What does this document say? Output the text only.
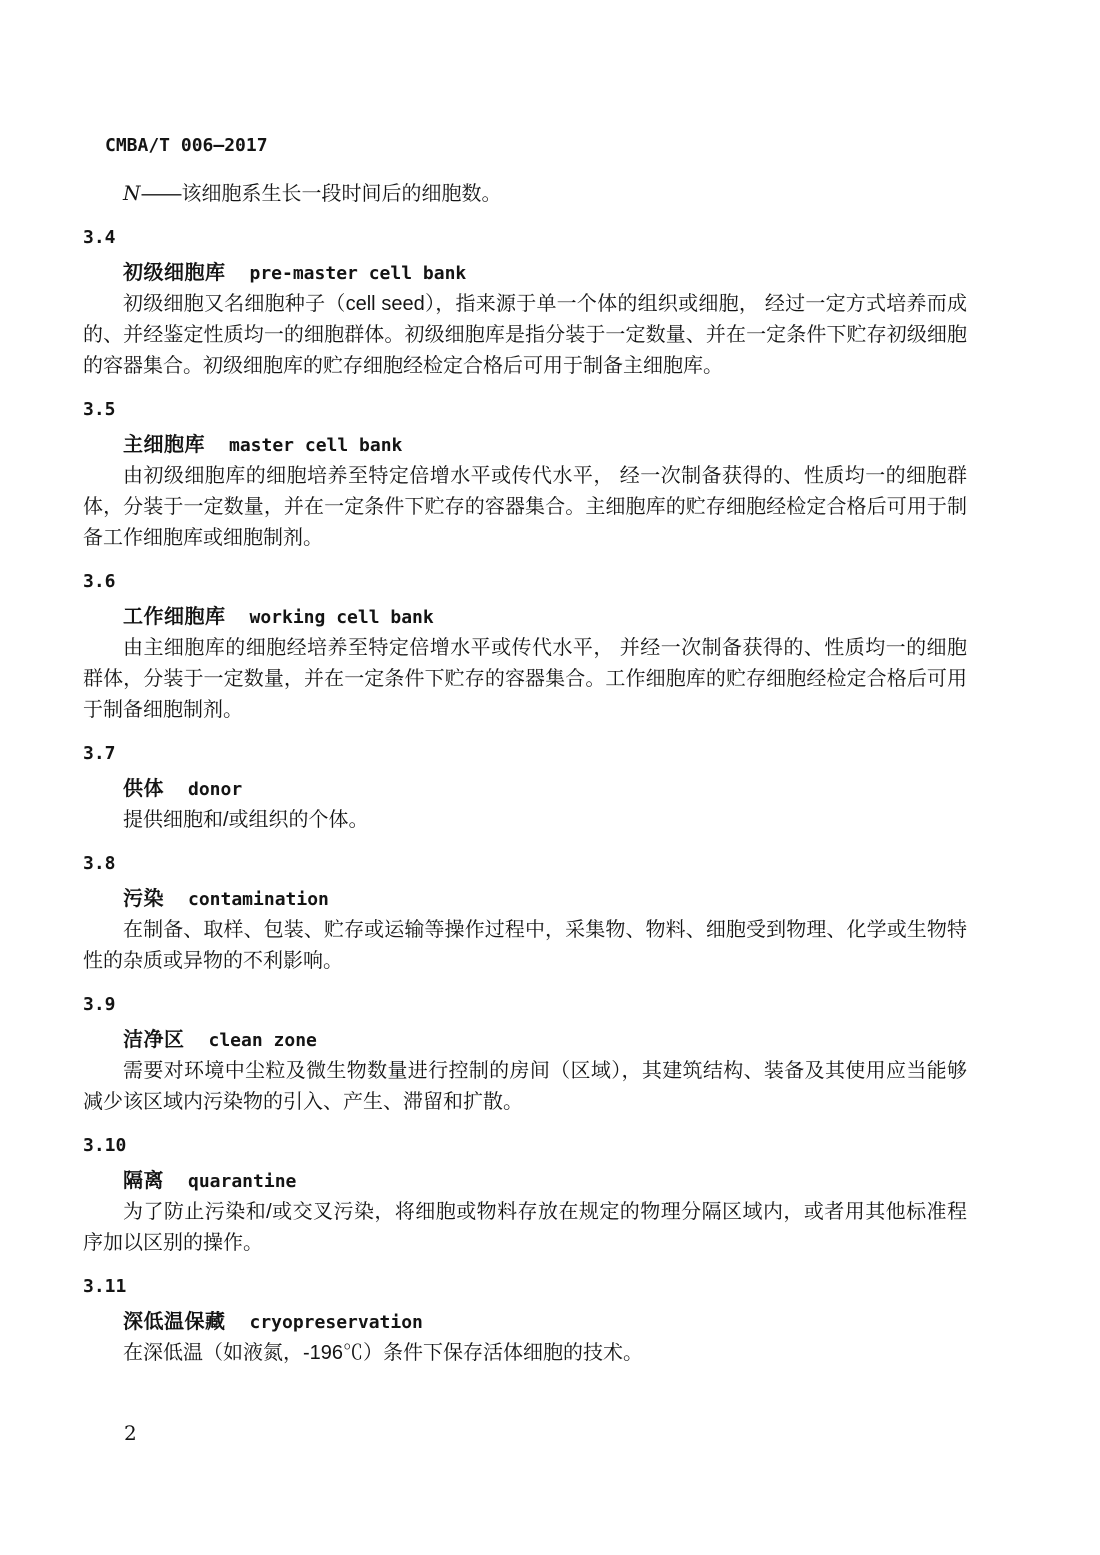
CMBA/T 006—2017
N——该细胞系生长一段时间后的细胞数。
3.4
初级细胞库 pre-master cell bank

初级细胞又名细胞种子（cell seed），指来源于单一个体的组织或细胞， 经过一定方式培养而成的、并经鉴定性质均一的细胞群体。初级细胞库是指分装于一定数量、并在一定条件下贮存初级细胞的容器集合。初级细胞库的贮存细胞经检定合格后可用于制备主细胞库。

3.5
主细胞库 master cell bank

由初级细胞库的细胞培养至特定倍增水平或传代水平， 经一次制备获得的、性质均一的细胞群体，分装于一定数量，并在一定条件下贮存的容器集合。主细胞库的贮存细胞经检定合格后可用于制备工作细胞库或细胞制剂。

3.6
工作细胞库 working cell bank

由主细胞库的细胞经培养至特定倍增水平或传代水平， 并经一次制备获得的、性质均一的细胞群体，分装于一定数量，并在一定条件下贮存的容器集合。工作细胞库的贮存细胞经检定合格后可用于制备细胞制剂。

3.7
供体 donor

提供细胞和/或组织的个体。

3.8
污染 contamination

在制备、取样、包装、贮存或运输等操作过程中，采集物、物料、细胞受到物理、化学或生物特性的杂质或异物的不利影响。

3.9
洁净区 clean zone

需要对环境中尘粒及微生物数量进行控制的房间（区域），其建筑结构、装备及其使用应当能够减少该区域内污染物的引入、产生、滞留和扩散。

3.10
隔离 quarantine

为了防止污染和/或交叉污染，将细胞或物料存放在规定的物理分隔区域内，或者用其他标准程序加以区别的操作。

3.11
深低温保藏 cryopreservation

在深低温（如液氮，-196℃）条件下保存活体细胞的技术。

2
